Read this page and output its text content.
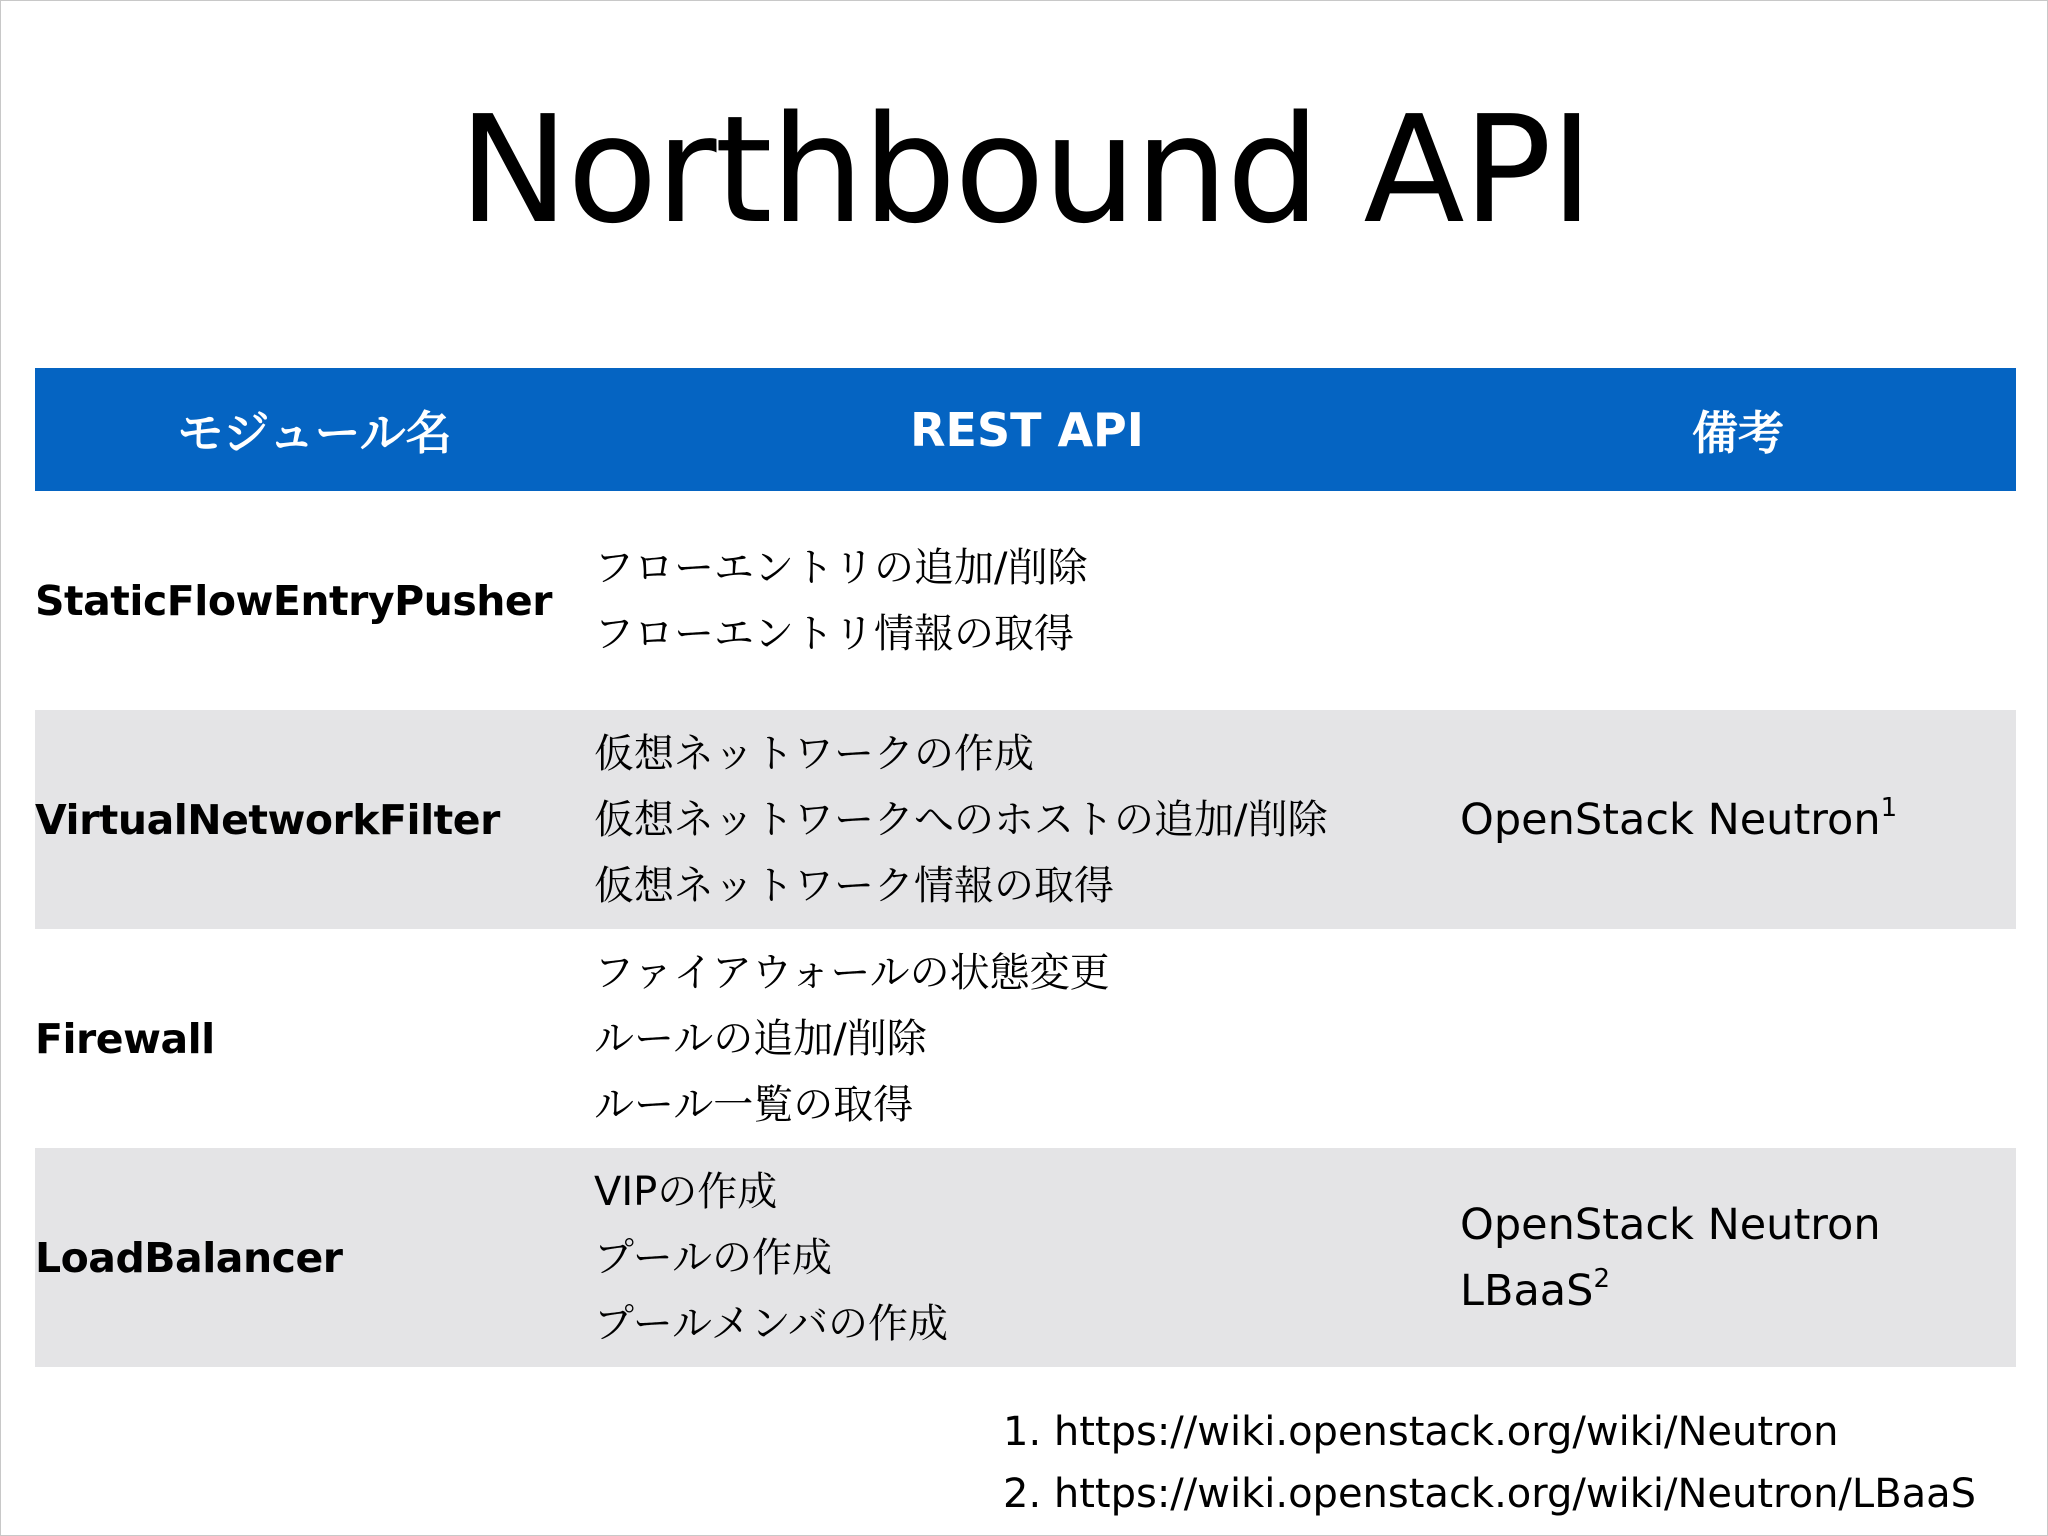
Northbound API
モジュール名	REST API	備考
StaticFlowEntryPusher	フローエントリの追加/削除
フローエントリ情報の取得	

VirtualNetworkFilter	仮想ネットワークの作成
仮想ネットワークへのホストの追加/削除
仮想ネットワーク情報の取得	OpenStack Neutron$^1$

Firewall	ファイアウォールの状態変更
ルールの追加/削除
ルール一覧の取得	

LoadBalancer	VIPの作成
プールの作成
プールメンバの作成	OpenStack Neutron
LBaaS$^2$
1. https://wiki.openstack.org/wiki/Neutron
2. https://wiki.openstack.org/wiki/Neutron/LBaaS
